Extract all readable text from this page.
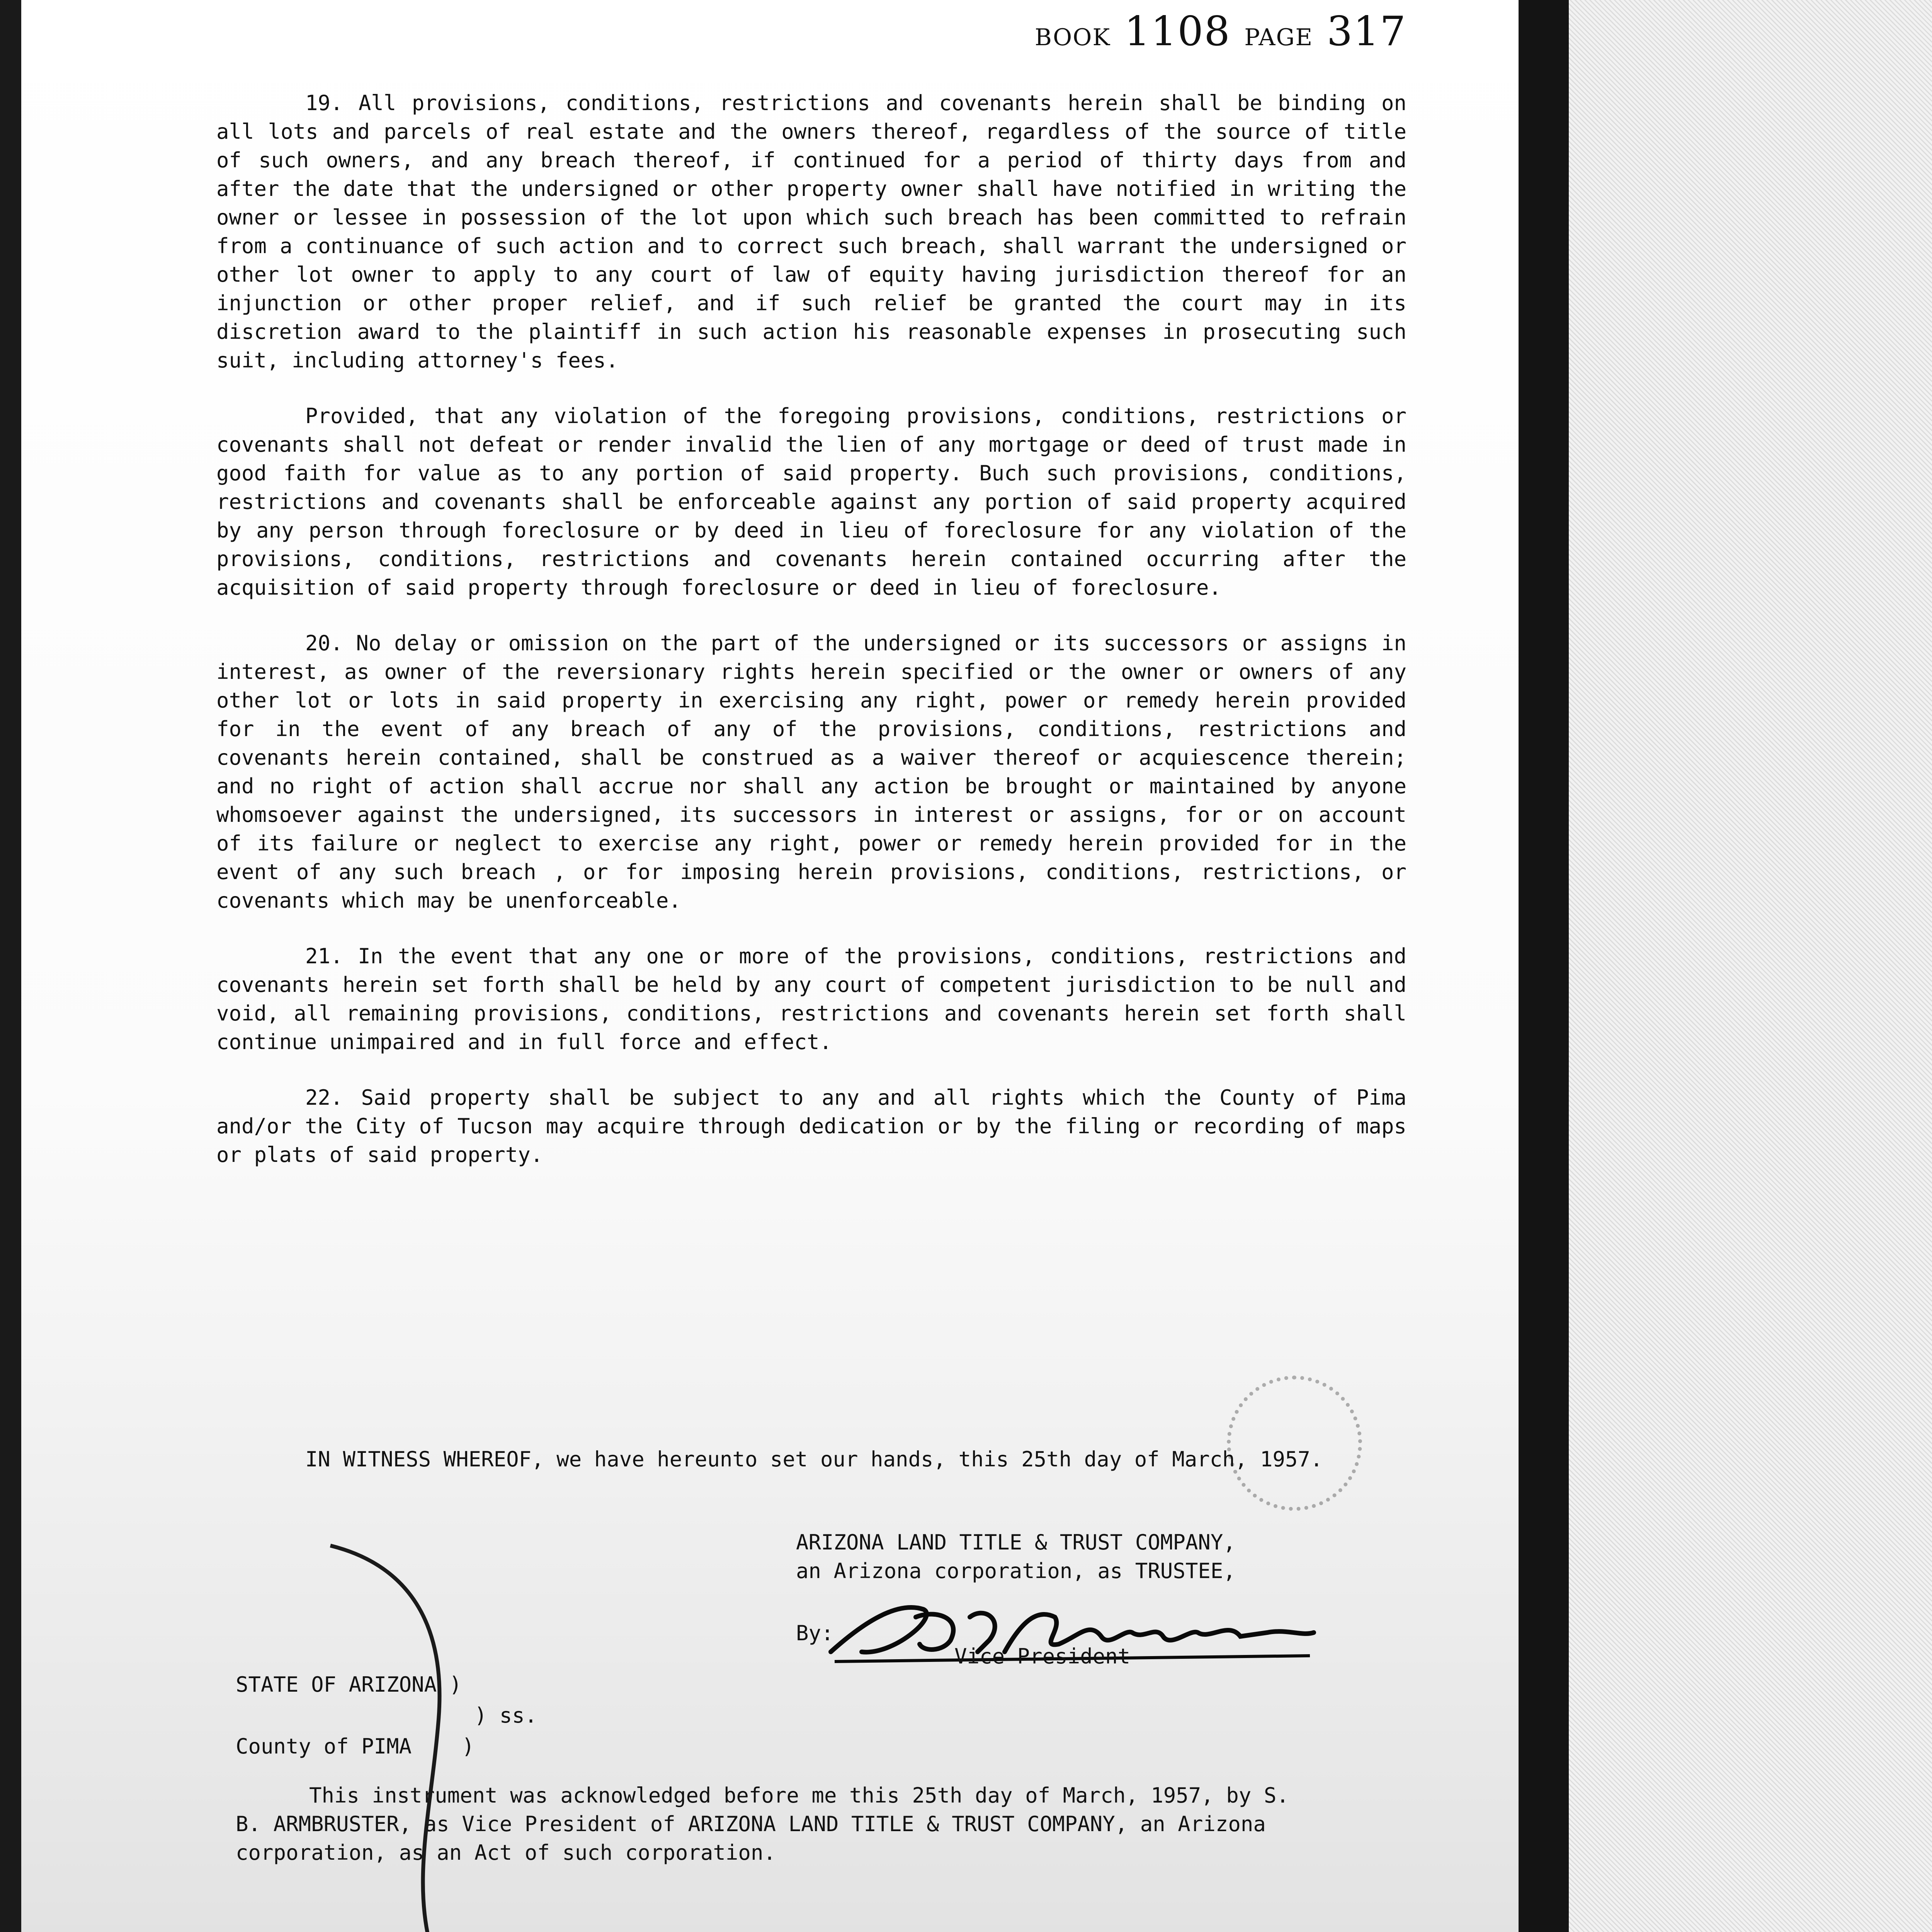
BOOK 1108 PAGE 317

19. All provisions, conditions, restrictions and covenants herein shall be binding on all lots and parcels of real estate and the owners thereof, regardless of the source of title of such owners, and any breach thereof, if continued for a period of thirty days from and after the date that the undersigned or other property owner shall have notified in writing the owner or lessee in possession of the lot upon which such breach has been committed to refrain from a continuance of such action and to correct such breach, shall warrant the undersigned or other lot owner to apply to any court of law of equity having jurisdiction thereof for an injunction or other proper relief, and if such relief be granted the court may in its discretion award to the plaintiff in such action his reasonable expenses in prosecuting such suit, including attorney's fees.

Provided, that any violation of the foregoing provisions, conditions, restrictions or covenants shall not defeat or render invalid the lien of any mortgage or deed of trust made in good faith for value as to any portion of said property. Buch such provisions, conditions, restrictions and covenants shall be enforceable against any portion of said property acquired by any person through foreclosure or by deed in lieu of foreclosure for any violation of the provisions, conditions, restrictions and covenants herein contained occurring after the acquisition of said property through foreclosure or deed in lieu of foreclosure.

20. No delay or omission on the part of the undersigned or its successors or assigns in interest, as owner of the reversionary rights herein specified or the owner or owners of any other lot or lots in said property in exercising any right, power or remedy herein provided for in the event of any breach of any of the provisions, conditions, restrictions and covenants herein contained, shall be construed as a waiver thereof or acquiescence therein; and no right of action shall accrue nor shall any action be brought or maintained by anyone whomsoever against the undersigned, its successors in interest or assigns, for or on account of its failure or neglect to exercise any right, power or remedy herein provided for in the event of any such breach , or for imposing herein provisions, conditions, restrictions, or covenants which may be unenforceable.

21. In the event that any one or more of the provisions, conditions, restrictions and covenants herein set forth shall be held by any court of competent jurisdiction to be null and void, all remaining provisions, conditions, restrictions and covenants herein set forth shall continue unimpaired and in full force and effect.

22. Said property shall be subject to any and all rights which the County of Pima and/or the City of Tucson may acquire through dedication or by the filing or recording of maps or plats of said property.

IN WITNESS WHEREOF, we have hereunto set our hands, this 25th day of March, 1957.

ARIZONA LAND TITLE & TRUST COMPANY,
an Arizona corporation, as TRUSTEE,
By:
Vice President
STATE OF ARIZONA )
) ss.
County of PIMA    )

This instrument was acknowledged before me this 25th day of March, 1957, by S. B. ARMBRUSTER, as Vice President of ARIZONA LAND TITLE & TRUST COMPANY, an Arizona corporation, as an Act of such corporation.
